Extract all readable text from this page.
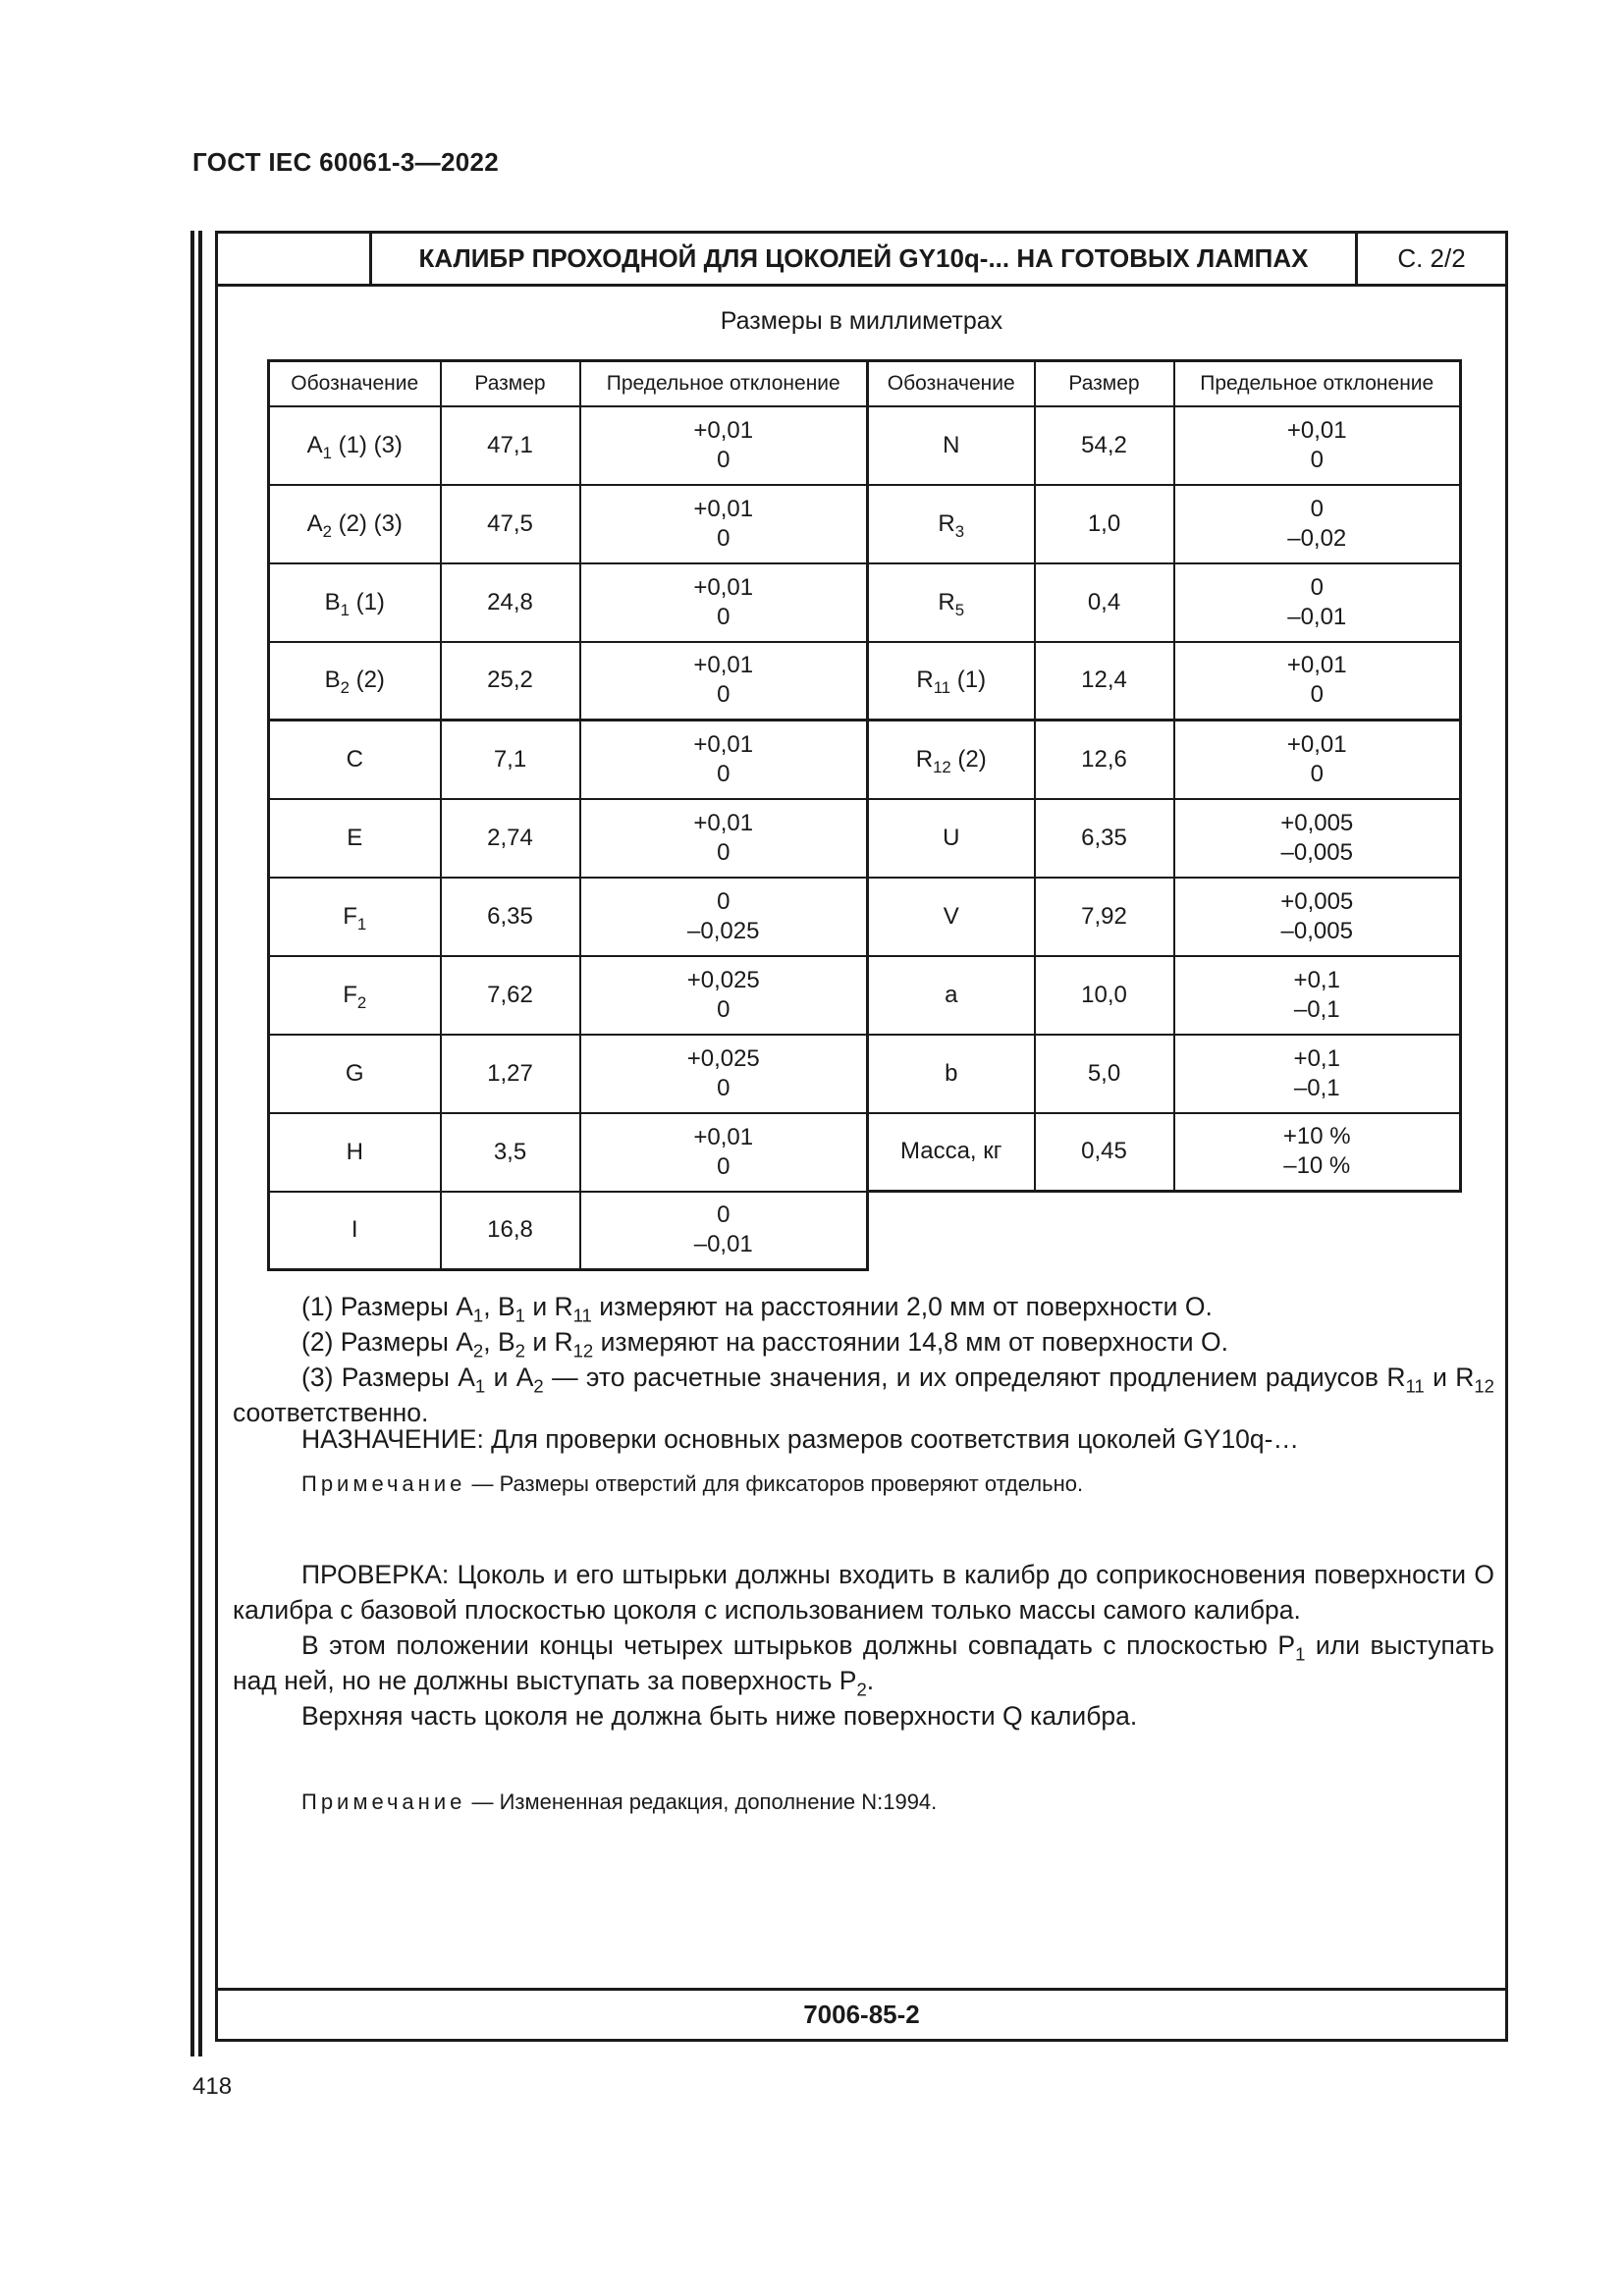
ГОСТ IEC 60061-3—2022
КАЛИБР ПРОХОДНОЙ ДЛЯ ЦОКОЛЕЙ GY10q-... НА ГОТОВЫХ ЛАМПАХ	С. 2/2
Размеры в миллиметрах
Обозначение	Размер	Предельное отклонение
$A_1$ (1) (3)	47,1	+0,01
0
$A_2$ (2) (3)	47,5	+0,01
0
$B_1$ (1)	24,8	+0,01
0
$B_2$ (2)	25,2	+0,01
0
C	7,1	+0,01
0
E	2,74	+0,01
0
$F_1$	6,35	0
–0,025
$F_2$	7,62	+0,025
0
G	1,27	+0,025
0
H	3,5	+0,01
0
I	16,8	0
–0,01
Обозначение	Размер	Предельное отклонение
N	54,2	+0,01
0
$R_3$	1,0	0
–0,02
$R_5$	0,4	0
–0,01
$R_{11}$ (1)	12,4	+0,01
0
$R_{12}$ (2)	12,6	+0,01
0
U	6,35	+0,005
–0,005
V	7,92	+0,005
–0,005
a	10,0	+0,1
–0,1
b	5,0	+0,1
–0,1
Масса, кг	0,45	+10 %
–10 %

(1) Размеры $A_1$, $B_1$ и $R_{11}$ измеряют на расстоянии 2,0 мм от поверхности О.

(2) Размеры $A_2$, $B_2$ и $R_{12}$ измеряют на расстоянии 14,8 мм от поверхности О.

(3) Размеры $A_1$ и $A_2$ — это расчетные значения, и их определяют продлением радиусов $R_{11}$ и $R_{12}$ соответственно.

НАЗНАЧЕНИЕ: Для проверки основных размеров соответствия цоколей GY10q-…

Примечание — Размеры отверстий для фиксаторов проверяют отдельно.

ПРОВЕРКА: Цоколь и его штырьки должны входить в калибр до соприкосновения поверхности О калибра с базовой плоскостью цоколя с использованием только массы самого калибра.

В этом положении концы четырех штырьков должны совпадать с плоскостью $P_1$ или выступать над ней, но не должны выступать за поверхность $P_2$.

Верхняя часть цоколя не должна быть ниже поверхности Q калибра.

Примечание — Измененная редакция, дополнение N:1994.

7006-85-2
418
